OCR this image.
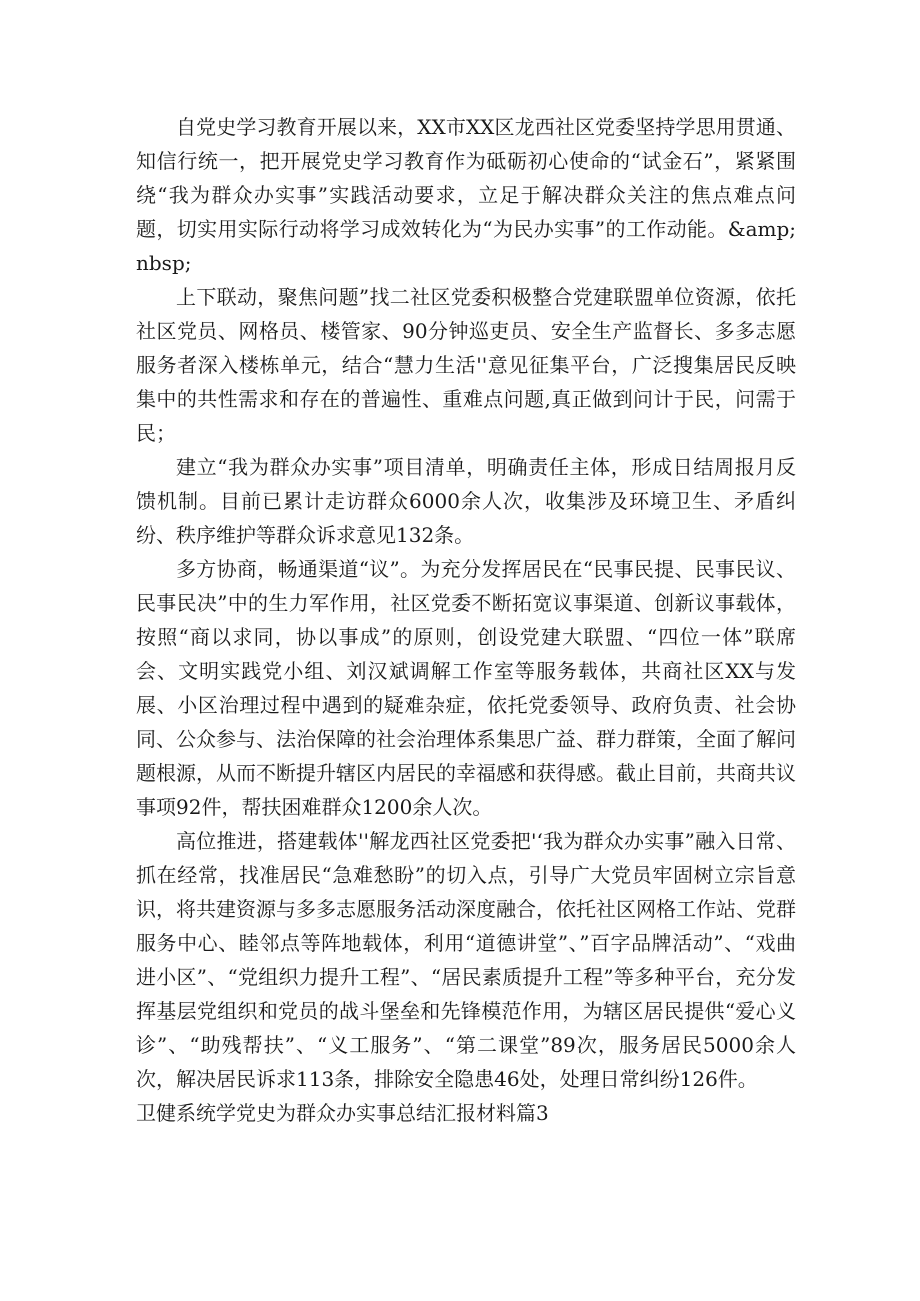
自党史学习教育开展以来，XX市XX区龙西社区党委坚持学思用贯通、知信行统一，把开展党史学习教育作为砥砺初心使命的“试金石”，紧紧围绕“我为群众办实事”实践活动要求，立足于解决群众关注的焦点难点问题，切实用实际行动将学习成效转化为“为民办实事”的工作动能。&amp;nbsp;

上下联动，聚焦问题”找二社区党委积极整合党建联盟单位资源，依托社区党员、网格员、楼管家、90分钟巡吏员、安全生产监督长、多多志愿服务者深入楼栋单元，结合“慧力生活''意见征集平台，广泛搜集居民反映集中的共性需求和存在的普遍性、重难点问题,真正做到问计于民，问需于民；

建立“我为群众办实事”项目清单，明确责任主体，形成日结周报月反馈机制。目前已累计走访群众6000余人次，收集涉及环境卫生、矛盾纠纷、秩序维护等群众诉求意见132条。

多方协商，畅通渠道“议”。为充分发挥居民在“民事民提、民事民议、民事民决”中的生力军作用，社区党委不断拓宽议事渠道、创新议事载体，按照“商以求同，协以事成”的原则，创设党建大联盟、“四位一体”联席会、文明实践党小组、刘汉斌调解工作室等服务载体，共商社区XX与发展、小区治理过程中遇到的疑难杂症，依托党委领导、政府负责、社会协同、公众参与、法治保障的社会治理体系集思广益、群力群策，全面了解问题根源，从而不断提升辖区内居民的幸福感和获得感。截止目前，共商共议事项92件，帮扶困难群众1200余人次。

高位推进，搭建载体''解龙西社区党委把'‘我为群众办实事”融入日常、抓在经常，找准居民“急难愁盼”的切入点，引导广大党员牢固树立宗旨意识，将共建资源与多多志愿服务活动深度融合，依托社区网格工作站、党群服务中心、睦邻点等阵地载体，利用“道德讲堂”、”百字品牌活动”、“戏曲进小区”、“党组织力提升工程”、“居民素质提升工程”等多种平台，充分发挥基层党组织和党员的战斗堡垒和先锋模范作用，为辖区居民提供“爱心义诊”、“助残帮扶”、“义工服务”、“第二课堂”89次，服务居民5000余人次，解决居民诉求113条，排除安全隐患46处，处理日常纠纷126件。

卫健系统学党史为群众办实事总结汇报材料篇3
